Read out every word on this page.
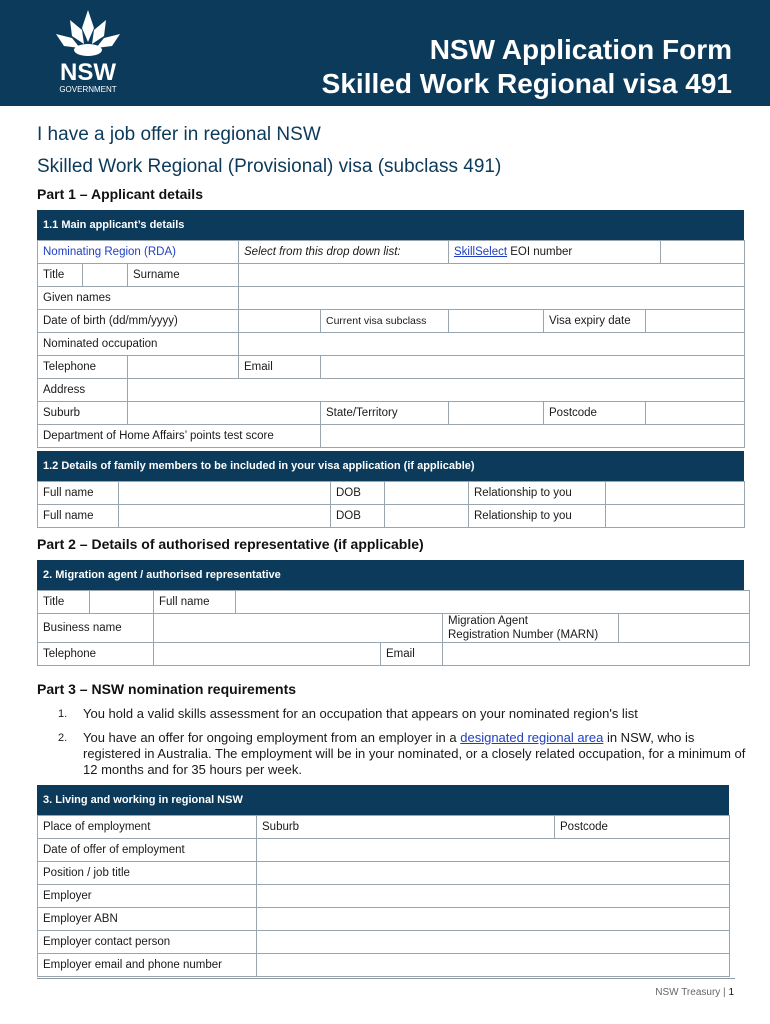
NSW
GOVERNMENT
NSW Application Form
Skilled Work Regional visa 491
I have a job offer in regional NSW
Skilled Work Regional (Provisional) visa (subclass 491)
Part 1 – Applicant details
1.1 Main applicant’s details
Nominating Region (RDA)			Select from this drop down list:	SkillSelect EOI number	
Title		Surname			
Given names					
Date of birth (dd/mm/yyyy)		Current visa subclass		Visa expiry date	
Nominated occupation					
Telephone		Email				
Address						
Suburb			State/Territory		Postcode	
Department of Home Affairs’ points test score						
1.2 Details of family members to be included in your visa application (if applicable)
Full name		DOB		Relationship to you	
Full name		DOB		Relationship to you	
Part 2 – Details of authorised representative (if applicable)
2. Migration agent / authorised representative
Title		Full name				
Business name					Migration Agent
Registration Number (MARN)	

Telephone				Email		
Part 3 – NSW nomination requirements
1. You hold a valid skills assessment for an occupation that appears on your nominated region's list
2. You have an offer for ongoing employment from an employer in a designated regional area in NSW, who is registered in Australia. The employment will be in your nominated, or a closely related occupation, for a minimum of 12 months and for 35 hours per week.
3. Living and working in regional NSW
Place of employment	Suburb	Postcode
Date of offer of employment		
Position / job title		
Employer		
Employer ABN		
Employer contact person		
Employer email and phone number		
NSW Treasury | 1
